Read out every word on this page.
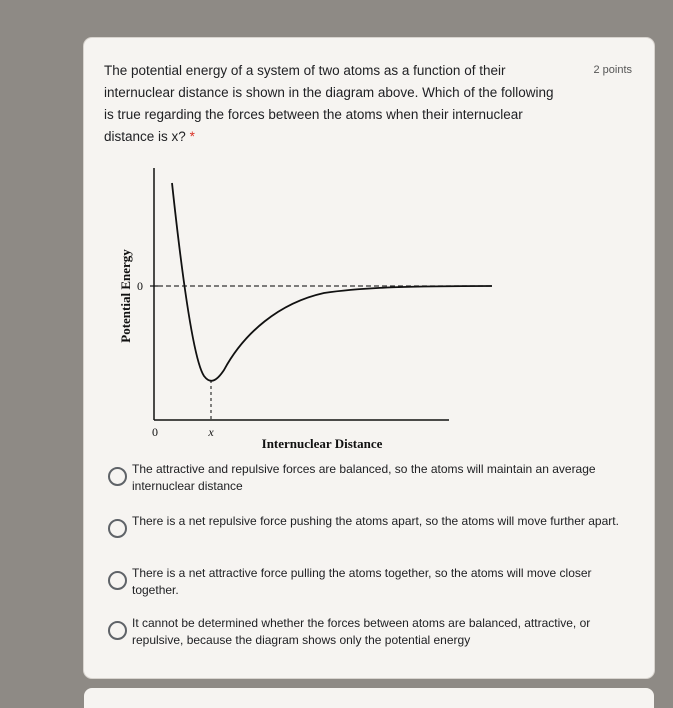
2 points
The potential energy of a system of two atoms as a function of their internuclear distance is shown in the diagram above. Which of the following is true regarding the forces between the atoms when their internuclear distance is x? *
0
0	x
Potential Energy
Internuclear Distance
The attractive and repulsive forces are balanced, so the atoms will maintain an average internuclear distance
There is a net repulsive force pushing the atoms apart, so the atoms will move further apart.
There is a net attractive force pulling the atoms together, so the atoms will move closer together.
It cannot be determined whether the forces between atoms are balanced, attractive, or repulsive, because the diagram shows only the potential energy
